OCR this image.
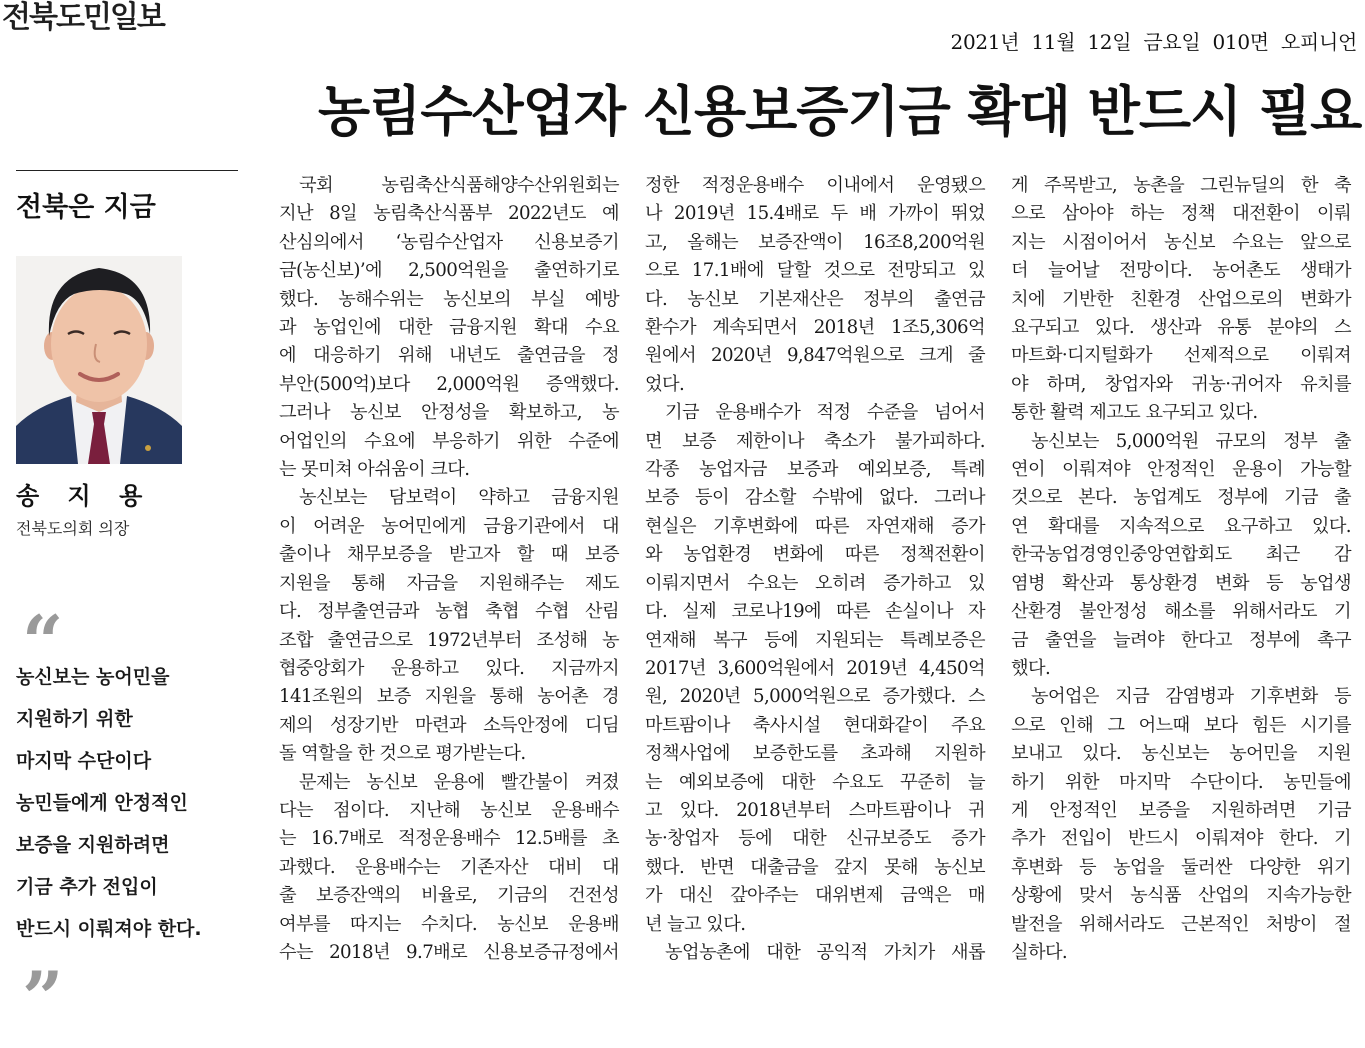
전북도민일보
2021년  11월  12일  금요일  010면  오피니언
농림수산업자 신용보증기금 확대 반드시 필요
전북은 지금
송 지 용
전북도의회 의장
“
농신보는 농어민을
지원하기 위한
마지막 수단이다
농민들에게 안정적인
보증을 지원하려면
기금 추가 전입이
반드시 이뤄져야 한다.
”
국회 농림축산식품해양수산위원회는
지난 8일 농림축산식품부 2022년도 예
산심의에서 ‘농림수산업자 신용보증기
금(농신보)’에 2,500억원을 출연하기로
했다. 농해수위는 농신보의 부실 예방
과 농업인에 대한 금융지원 확대 수요
에 대응하기 위해 내년도 출연금을 정
부안(500억)보다 2,000억원 증액했다.
그러나 농신보 안정성을 확보하고, 농
어업인의 수요에 부응하기 위한 수준에
는 못미쳐 아쉬움이 크다.
농신보는 담보력이 약하고 금융지원
이 어려운 농어민에게 금융기관에서 대
출이나 채무보증을 받고자 할 때 보증
지원을 통해 자금을 지원해주는 제도
다. 정부출연금과 농협 축협 수협 산림
조합 출연금으로 1972년부터 조성해 농
협중앙회가 운용하고 있다. 지금까지
141조원의 보증 지원을 통해 농어촌 경
제의 성장기반 마련과 소득안정에 디딤
돌 역할을 한 것으로 평가받는다.
문제는 농신보 운용에 빨간불이 켜졌
다는 점이다. 지난해 농신보 운용배수
는 16.7배로 적정운용배수 12.5배를 초
과했다. 운용배수는 기존자산 대비 대
출 보증잔액의 비율로, 기금의 건전성
여부를 따지는 수치다. 농신보 운용배
수는 2018년 9.7배로 신용보증규정에서
정한 적정운용배수 이내에서 운영됐으
나 2019년 15.4배로 두 배 가까이 뛰었
고, 올해는 보증잔액이 16조8,200억원
으로 17.1배에 달할 것으로 전망되고 있
다. 농신보 기본재산은 정부의 출연금
환수가 계속되면서 2018년 1조5,306억
원에서 2020년 9,847억원으로 크게 줄
었다.
기금 운용배수가 적정 수준을 넘어서
면 보증 제한이나 축소가 불가피하다.
각종 농업자금 보증과 예외보증, 특례
보증 등이 감소할 수밖에 없다. 그러나
현실은 기후변화에 따른 자연재해 증가
와 농업환경 변화에 따른 정책전환이
이뤄지면서 수요는 오히려 증가하고 있
다. 실제 코로나19에 따른 손실이나 자
연재해 복구 등에 지원되는 특례보증은
2017년 3,600억원에서 2019년 4,450억
원, 2020년 5,000억원으로 증가했다. 스
마트팜이나 축사시설 현대화같이 주요
정책사업에 보증한도를 초과해 지원하
는 예외보증에 대한 수요도 꾸준히 늘
고 있다. 2018년부터 스마트팜이나 귀
농·창업자 등에 대한 신규보증도 증가
했다. 반면 대출금을 갚지 못해 농신보
가 대신 갚아주는 대위변제 금액은 매
년 늘고 있다.
농업농촌에 대한 공익적 가치가 새롭
게 주목받고, 농촌을 그린뉴딜의 한 축
으로 삼아야 하는 정책 대전환이 이뤄
지는 시점이어서 농신보 수요는 앞으로
더 늘어날 전망이다. 농어촌도 생태가
치에 기반한 친환경 산업으로의 변화가
요구되고 있다. 생산과 유통 분야의 스
마트화·디지털화가 선제적으로 이뤄져
야 하며, 창업자와 귀농·귀어자 유치를
통한 활력 제고도 요구되고 있다.
농신보는 5,000억원 규모의 정부 출
연이 이뤄져야 안정적인 운용이 가능할
것으로 본다. 농업계도 정부에 기금 출
연 확대를 지속적으로 요구하고 있다.
한국농업경영인중앙연합회도 최근 감
염병 확산과 통상환경 변화 등 농업생
산환경 불안정성 해소를 위해서라도 기
금 출연을 늘려야 한다고 정부에 촉구
했다.
농어업은 지금 감염병과 기후변화 등
으로 인해 그 어느때 보다 힘든 시기를
보내고 있다. 농신보는 농어민을 지원
하기 위한 마지막 수단이다. 농민들에
게 안정적인 보증을 지원하려면 기금
추가 전입이 반드시 이뤄져야 한다. 기
후변화 등 농업을 둘러싼 다양한 위기
상황에 맞서 농식품 산업의 지속가능한
발전을 위해서라도 근본적인 처방이 절
실하다.
